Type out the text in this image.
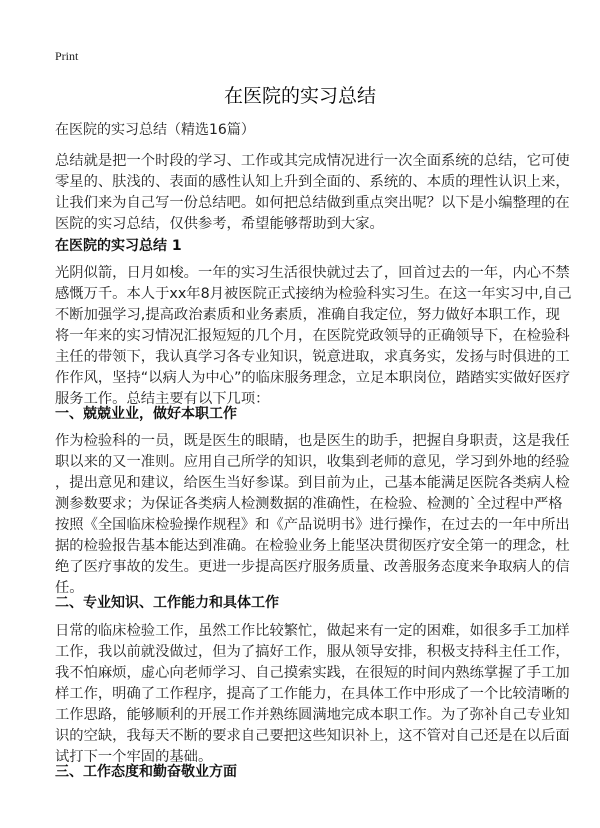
Print
在医院的实习总结
在医院的实习总结（精选16篇）

总结就是把一个时段的学习、工作或其完成情况进行一次全面系统的总结，它可使
零星的、肤浅的、表面的感性认知上升到全面的、系统的、本质的理性认识上来，
让我们来为自己写一份总结吧。如何把总结做到重点突出呢？以下是小编整理的在
医院的实习总结，仅供参考，希望能够帮助到大家。

在医院的实习总结 1

光阴似箭，日月如梭。一年的实习生活很快就过去了，回首过去的一年，内心不禁
感慨万千。本人于xx年8月被医院正式接纳为检验科实习生。在这一年实习中,自己
不断加强学习,提高政治素质和业务素质，准确自我定位，努力做好本职工作，现
将一年来的实习情况汇报短短的几个月，在医院党政领导的正确领导下，在检验科
主任的带领下，我认真学习各专业知识，锐意进取，求真务实，发扬与时俱进的工
作作风，坚持“以病人为中心”的临床服务理念，立足本职岗位，踏踏实实做好医疗
服务工作。总结主要有以下几项：

一、兢兢业业，做好本职工作

作为检验科的一员，既是医生的眼睛，也是医生的助手，把握自身职责，这是我任
职以来的又一准则。应用自己所学的知识，收集到老师的意见，学习到外地的经验
，提出意见和建议，给医生当好参谋。到目前为止，己基本能满足医院各类病人检
测参数要求；为保证各类病人检测数据的准确性，在检验、检测的`全过程中严格
按照《全国临床检验操作规程》和《产品说明书》进行操作，在过去的一年中所出
据的检验报告基本能达到准确。在检验业务上能坚决贯彻医疗安全第一的理念，杜
绝了医疗事故的发生。更进一步提高医疗服务质量、改善服务态度来争取病人的信
任。

二、专业知识、工作能力和具体工作

日常的临床检验工作，虽然工作比较繁忙，做起来有一定的困难，如很多手工加样
工作，我以前就没做过，但为了搞好工作，服从领导安排，积极支持科主任工作，
我不怕麻烦，虚心向老师学习、自己摸索实践，在很短的时间内熟练掌握了手工加
样工作，明确了工作程序，提高了工作能力，在具体工作中形成了一个比较清晰的
工作思路，能够顺利的开展工作并熟练圆满地完成本职工作。为了弥补自己专业知
识的空缺，我每天不断的要求自己要把这些知识补上，这不管对自己还是在以后面
试打下一个牢固的基础。

三、工作态度和勤奋敬业方面
